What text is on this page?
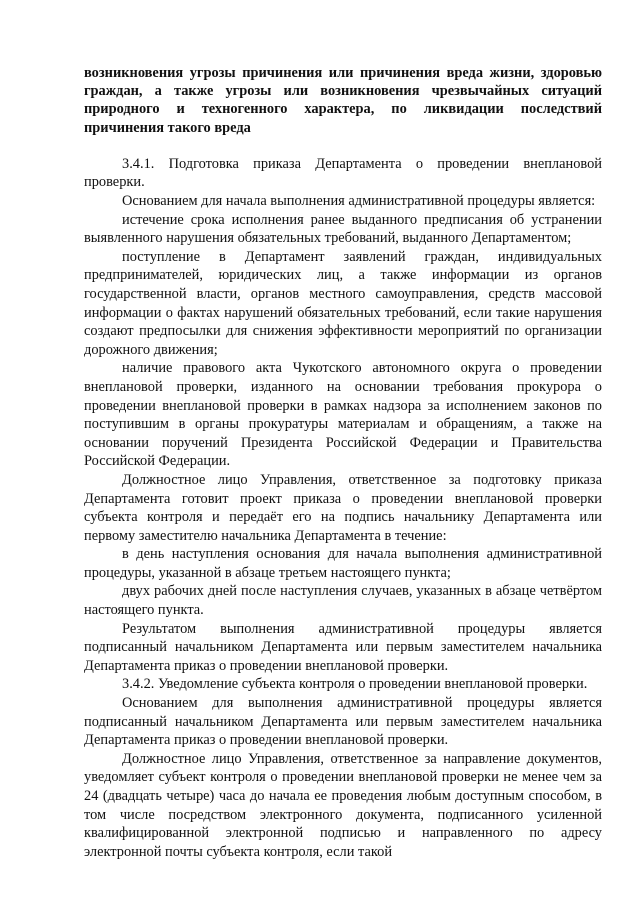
возникновения угрозы причинения или причинения вреда жизни, здоровью граждан, а также угрозы или возникновения чрезвычайных ситуаций природного и техногенного характера, по ликвидации последствий причинения такого вреда

3.4.1. Подготовка приказа Департамента о проведении внеплановой проверки.

Основанием для начала выполнения административной процедуры является:

истечение срока исполнения ранее выданного предписания об устранении выявленного нарушения обязательных требований, выданного Департаментом;

поступление в Департамент заявлений граждан, индивидуальных предпринимателей, юридических лиц, а также информации из органов государственной власти, органов местного самоуправления, средств массовой информации о фактах нарушений обязательных требований, если такие нарушения создают предпосылки для снижения эффективности мероприятий по организации дорожного движения;

наличие правового акта Чукотского автономного округа о проведении внеплановой проверки, изданного на основании требования прокурора о проведении внеплановой проверки в рамках надзора за исполнением законов по поступившим в органы прокуратуры материалам и обращениям, а также на основании поручений Президента Российской Федерации и Правительства Российской Федерации.

Должностное лицо Управления, ответственное за подготовку приказа Департамента готовит проект приказа о проведении внеплановой проверки субъекта контроля и передаёт его на подпись начальнику Департамента или первому заместителю начальника Департамента в течение:

в день наступления основания для начала выполнения административной процедуры, указанной в абзаце третьем настоящего пункта;

двух рабочих дней после наступления случаев, указанных в абзаце четвёртом настоящего пункта.

Результатом выполнения административной процедуры является подписанный начальником Департамента или первым заместителем начальника Департамента приказ о проведении внеплановой проверки.

3.4.2. Уведомление субъекта контроля о проведении внеплановой проверки.

Основанием для выполнения административной процедуры является подписанный начальником Департамента или первым заместителем начальника Департамента приказ о проведении внеплановой проверки.

Должностное лицо Управления, ответственное за направление документов, уведомляет субъект контроля о проведении внеплановой проверки не менее чем за 24 (двадцать четыре) часа до начала ее проведения любым доступным способом, в том числе посредством электронного документа, подписанного усиленной квалифицированной электронной подписью и направленного по адресу электронной почты субъекта контроля, если такой
